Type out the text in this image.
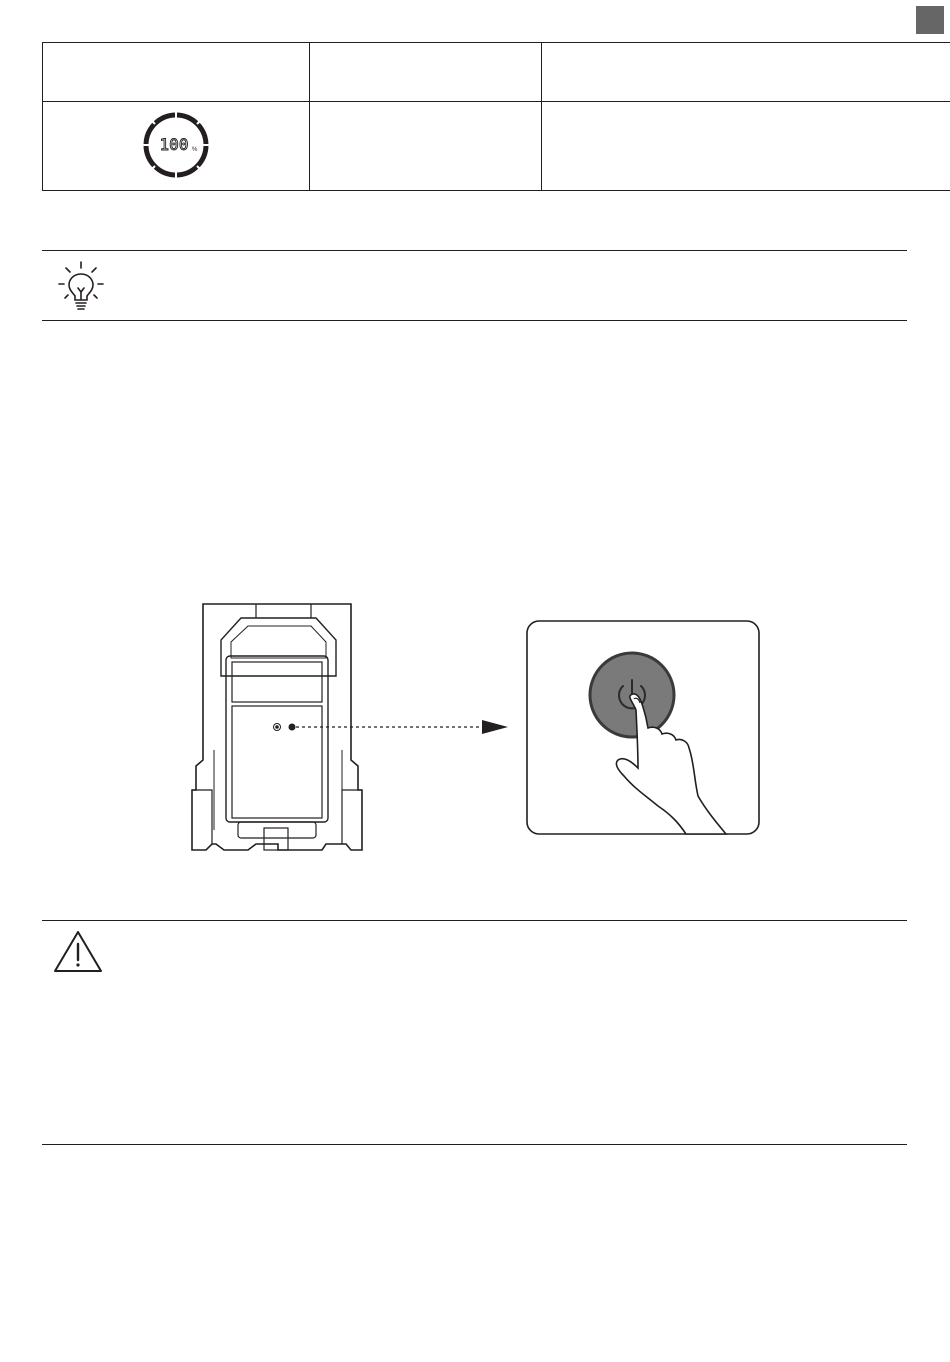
100 %		
